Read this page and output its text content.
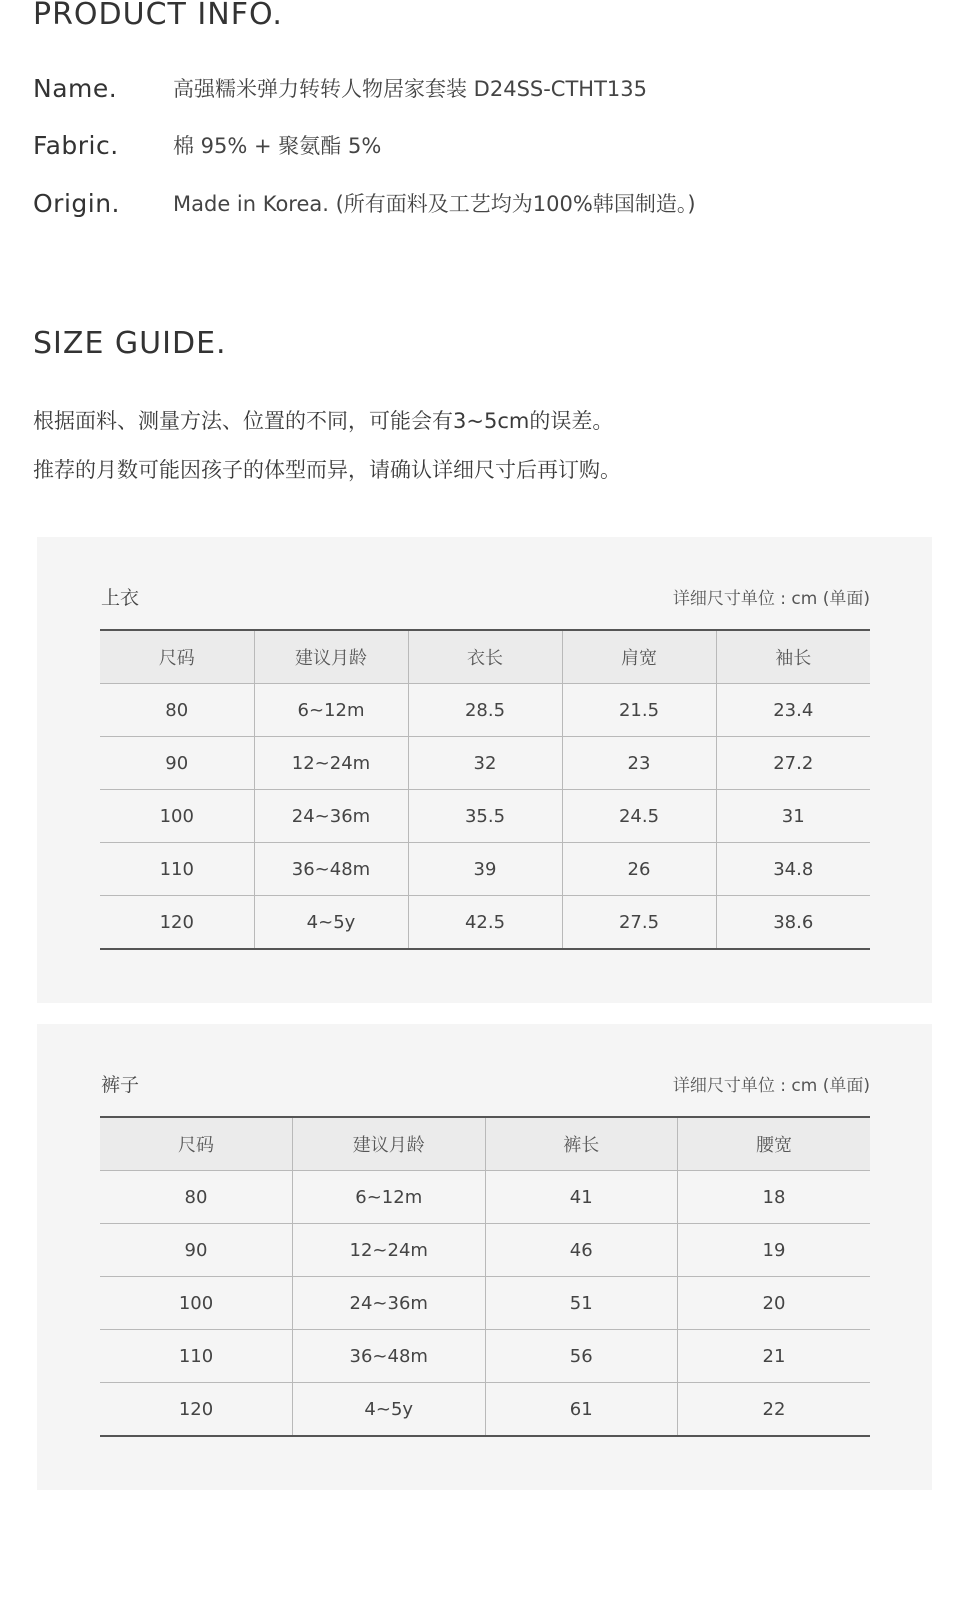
PRODUCT INFO.
Name.	高强糯米弹力转转人物居家套装 D24SS-CTHT135
Fabric.	棉 95% + 聚氨酯 5%
Origin.	Made in Korea. (所有面料及工艺均为100%韩国制造。)
SIZE GUIDE.

根据面料、测量方法、位置的不同，可能会有3~5cm的误差。

推荐的月数可能因孩子的体型而异，请确认详细尺寸后再订购。

上衣	详细尺寸单位 : cm (单面)
尺码	建议月龄	衣长	肩宽	袖长
80	6~12m	28.5	21.5	23.4
90	12~24m	32	23	27.2
100	24~36m	35.5	24.5	31
110	36~48m	39	26	34.8
120	4~5y	42.5	27.5	38.6
裤子	详细尺寸单位 : cm (单面)
尺码	建议月龄	裤长	腰宽
80	6~12m	41	18
90	12~24m	46	19
100	24~36m	51	20
110	36~48m	56	21
120	4~5y	61	22
